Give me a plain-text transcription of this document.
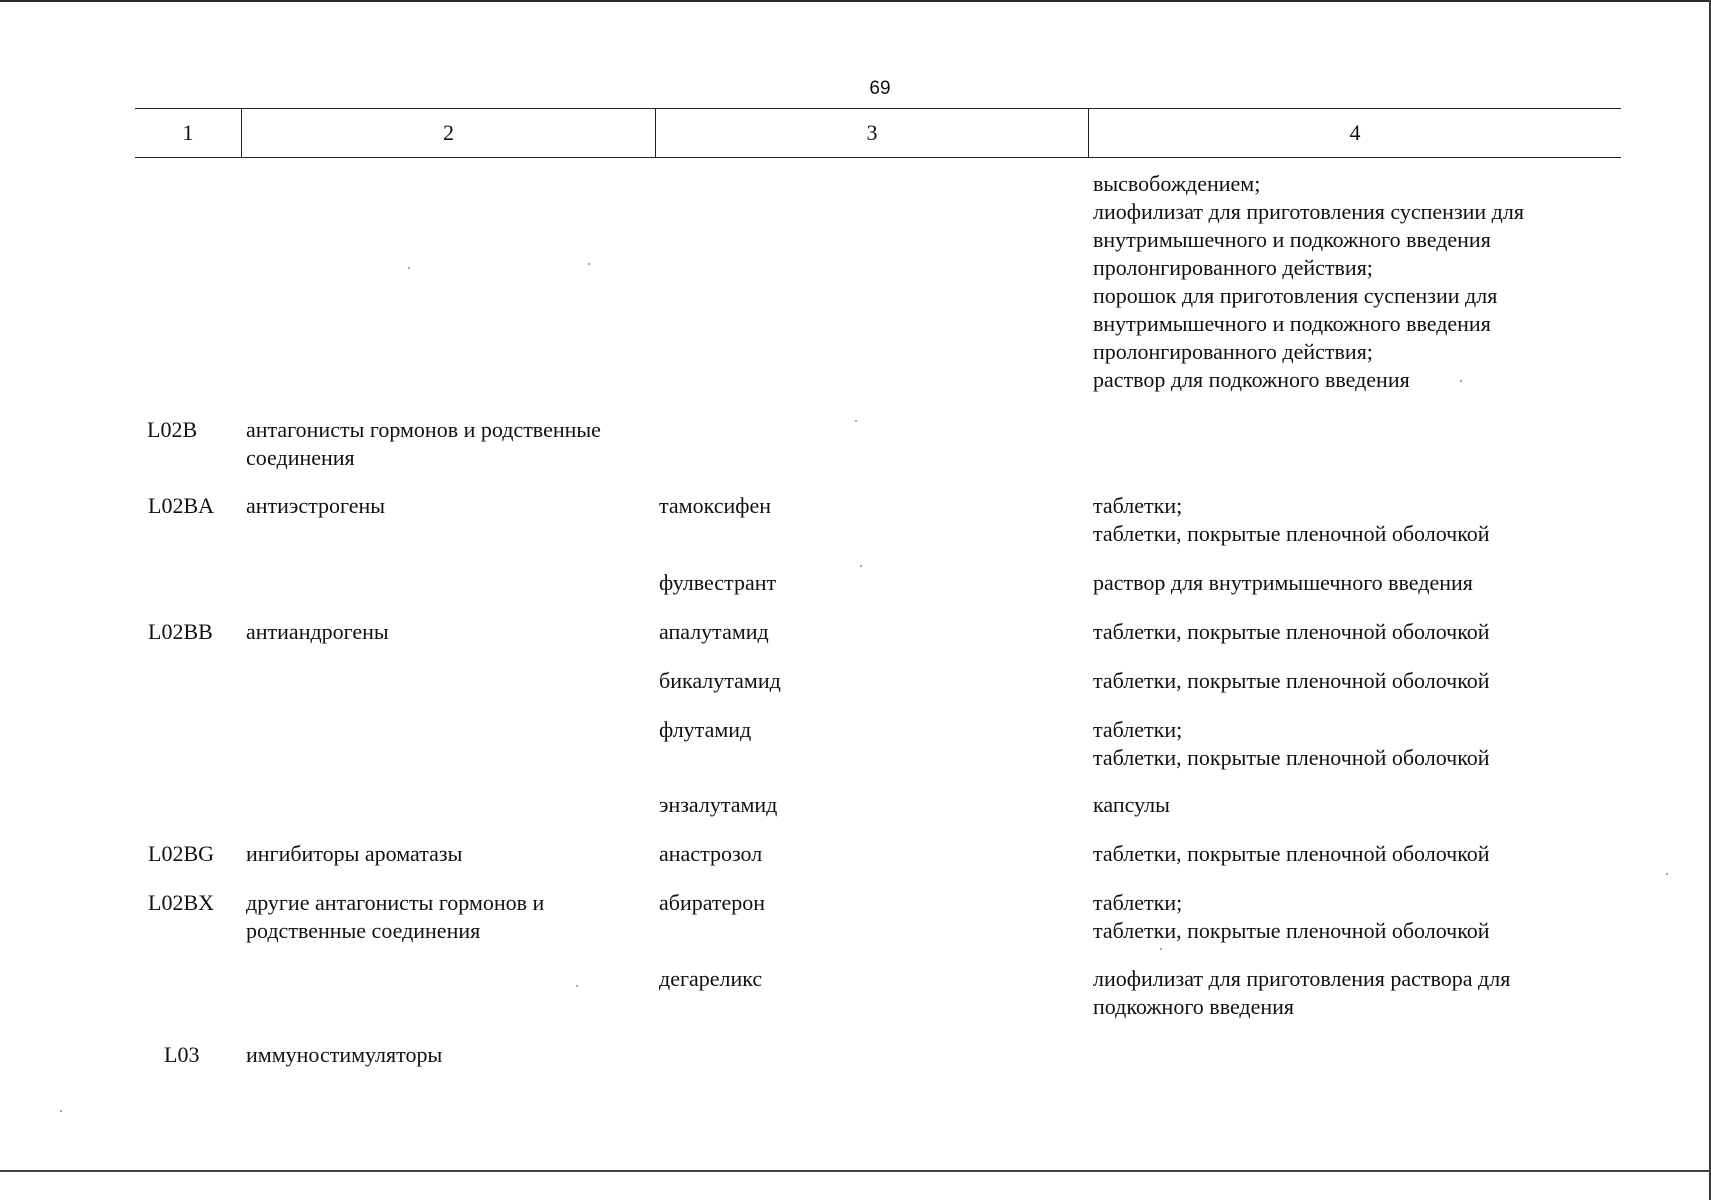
69
1	2	3	4
высвобождением;
лиофилизат для приготовления суспензии для
внутримышечного и подкожного введения
пролонгированного действия;
порошок для приготовления суспензии для
внутримышечного и подкожного введения
пролонгированного действия;
раствор для подкожного введения
L02B	антагонисты гормонов и родственные
соединения
L02BA	антиэстрогены	тамоксифен	таблетки;
таблетки, покрытые пленочной оболочкой
фулвестрант	раствор для внутримышечного введения
L02BB	антиандрогены	апалутамид	таблетки, покрытые пленочной оболочкой
бикалутамид	таблетки, покрытые пленочной оболочкой
флутамид	таблетки;
таблетки, покрытые пленочной оболочкой
энзалутамид	капсулы
L02BG	ингибиторы ароматазы	анастрозол	таблетки, покрытые пленочной оболочкой
L02BX	другие антагонисты гормонов и
родственные соединения
абиратерон	таблетки;
таблетки, покрытые пленочной оболочкой
дегареликс	лиофилизат для приготовления раствора для
подкожного введения
L03	иммуностимуляторы
